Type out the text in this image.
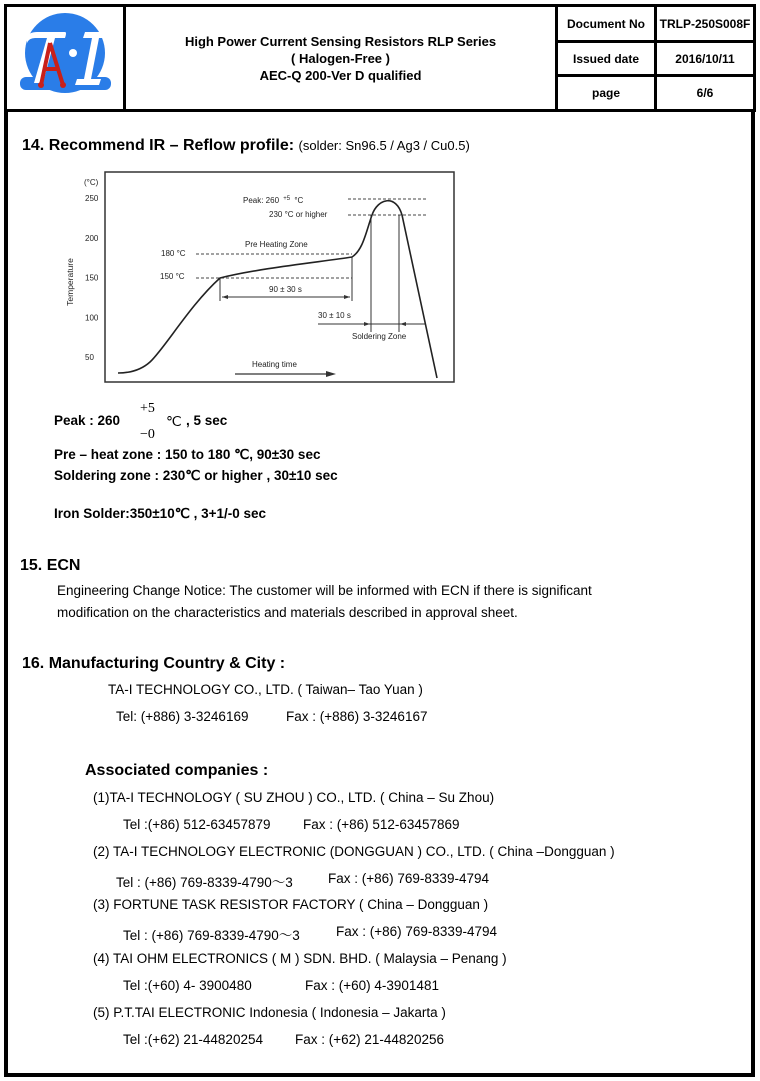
High Power Current Sensing Resistors RLP Series
( Halogen-Free )
AEC-Q 200-Ver D qualified
Document No	TRLP-250S008F
Issued date	2016/10/11
page	6/6
14. Recommend IR – Reflow profile: (solder: Sn96.5 / Ag3 / Cu0.5)
(°C)
250
200
150
100
50
Temperature
Peak: 260 $^{+5}$ °C
230 °C or higher
Pre Heating Zone
180 °C
150 °C
90 ± 30 s
30 ± 10 s
Soldering Zone
Heating time
Peak : 260
+5
−0
℃ , 5 sec
Pre – heat zone : 150 to 180 ℃, 90±30 sec
Soldering zone : 230℃ or higher , 30±10 sec
Iron Solder:350±10℃ , 3+1/-0 sec
15. ECN
Engineering Change Notice: The customer will be informed with ECN if there is significant
modification on the characteristics and materials described in approval sheet.
16. Manufacturing Country & City :
TA-I TECHNOLOGY CO., LTD. ( Taiwan– Tao Yuan )
Tel: (+886) 3-3246169	Fax : (+886) 3-3246167
Associated companies :
(1)TA-I TECHNOLOGY ( SU ZHOU ) CO., LTD. ( China – Su Zhou)
Tel :(+86) 512-63457879 Fax : (+86) 512-63457869
(2) TA-I TECHNOLOGY ELECTRONIC (DONGGUAN ) CO., LTD. ( China –Dongguan )
Tel : (+86) 769-8339-4790～3	Fax : (+86) 769-8339-4794
(3) FORTUNE TASK RESISTOR FACTORY ( China – Dongguan )
Tel : (+86) 769-8339-4790～3	Fax : (+86) 769-8339-4794
(4) TAI OHM ELECTRONICS ( M ) SDN. BHD. ( Malaysia – Penang )
Tel :(+60) 4- 3900480	Fax : (+60) 4-3901481
(5) P.T.TAI ELECTRONIC Indonesia ( Indonesia – Jakarta )
Tel :(+62) 21-44820254 Fax : (+62) 21-44820256
